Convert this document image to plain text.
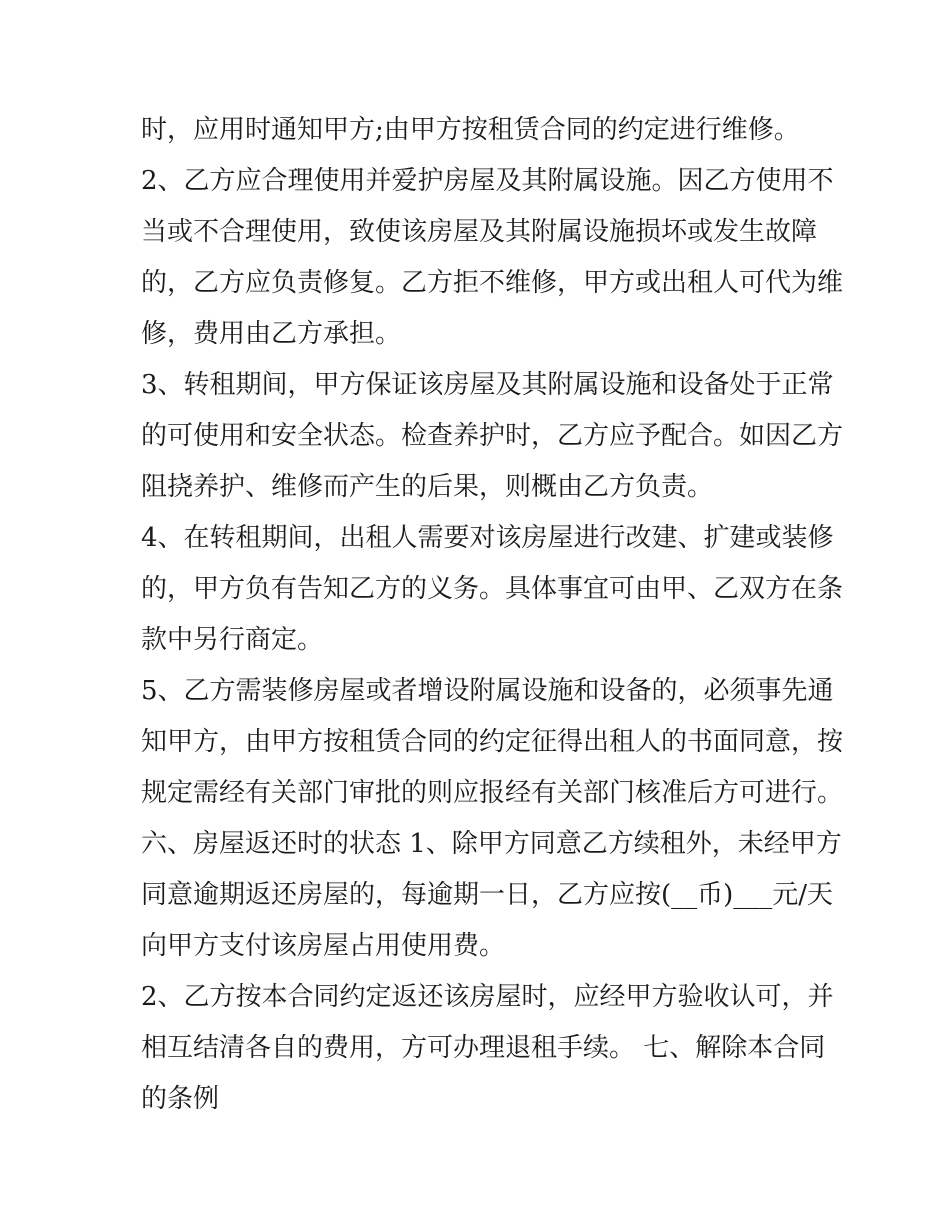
时，应用时通知甲方;由甲方按租赁合同的约定进行维修。
2、乙方应合理使用并爱护房屋及其附属设施。因乙方使用不
当或不合理使用，致使该房屋及其附属设施损坏或发生故障
的，乙方应负责修复。乙方拒不维修，甲方或出租人可代为维
修，费用由乙方承担。
3、转租期间，甲方保证该房屋及其附属设施和设备处于正常
的可使用和安全状态。检查养护时，乙方应予配合。如因乙方
阻挠养护、维修而产生的后果，则概由乙方负责。
4、在转租期间，出租人需要对该房屋进行改建、扩建或装修
的，甲方负有告知乙方的义务。具体事宜可由甲、乙双方在条
款中另行商定。
5、乙方需装修房屋或者增设附属设施和设备的，必须事先通
知甲方，由甲方按租赁合同的约定征得出租人的书面同意，按
规定需经有关部门审批的则应报经有关部门核准后方可进行。
六、房屋返还时的状态 1、除甲方同意乙方续租外，未经甲方
同意逾期返还房屋的，每逾期一日，乙方应按(__币)___元/天
向甲方支付该房屋占用使用费。
2、乙方按本合同约定返还该房屋时，应经甲方验收认可，并
相互结清各自的费用，方可办理退租手续。 七、解除本合同
的条例
